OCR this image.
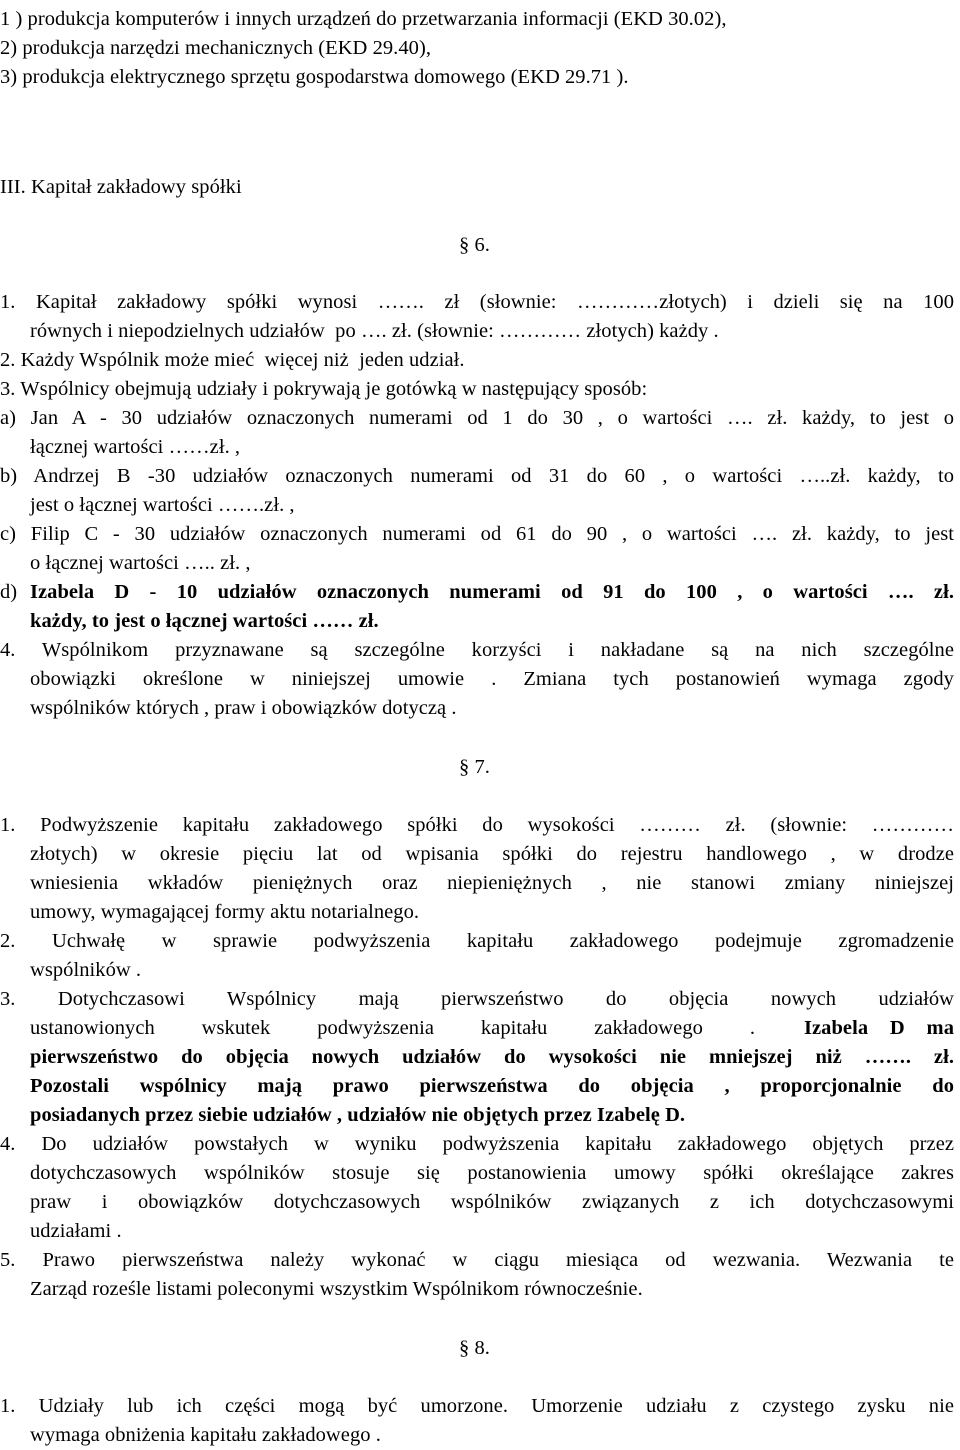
1 ) produkcja komputerów i innych urządzeń do przetwarzania informacji (EKD 30.02),
2) produkcja narzędzi mechanicznych (EKD 29.40),
3) produkcja elektrycznego sprzętu gospodarstwa domowego (EKD 29.71 ).
III. Kapitał zakładowy spółki
§ 6.
1. Kapitał zakładowy spółki wynosi ……. zł (słownie: …………złotych) i dzieli się na 100
równych i niepodzielnych udziałów  po …. zł. (słownie: ………… złotych) każdy .
2. Każdy Wspólnik może mieć  więcej niż  jeden udział.
3. Wspólnicy obejmują udziały i pokrywają je gotówką w następujący sposób:
a) Jan A - 30 udziałów oznaczonych numerami od 1 do 30 , o wartości …. zł. każdy, to jest o
łącznej wartości ……zł. ,
b) Andrzej B -30 udziałów oznaczonych numerami od 31 do 60 , o wartości …..zł. każdy, to
jest o łącznej wartości …….zł. ,
c) Filip C - 30 udziałów oznaczonych numerami od 61 do 90 , o wartości …. zł. każdy, to jest
o łącznej wartości ….. zł. ,
d) Izabela D - 10 udziałów oznaczonych numerami od 91 do 100 , o wartości …. zł.
każdy, to jest o łącznej wartości …… zł.
4. Wspólnikom przyznawane są szczególne korzyści i nakładane są na nich szczególne
obowiązki określone w niniejszej umowie . Zmiana tych postanowień wymaga zgody
wspólników których , praw i obowiązków dotyczą .
§ 7.
1. Podwyższenie kapitału zakładowego spółki do wysokości ……… zł. (słownie: …………
złotych) w okresie pięciu lat od wpisania spółki do rejestru handlowego , w drodze
wniesienia wkładów pieniężnych oraz niepieniężnych , nie stanowi zmiany niniejszej
umowy, wymagającej formy aktu notarialnego.
2. Uchwałę w sprawie podwyższenia kapitału zakładowego podejmuje zgromadzenie
wspólników .
3. Dotychczasowi Wspólnicy mają pierwszeństwo do objęcia nowych udziałów
ustanowionych wskutek podwyższenia kapitału zakładowego . Izabela D ma
pierwszeństwo do objęcia nowych udziałów do wysokości nie mniejszej niż ……. zł.
Pozostali wspólnicy mają prawo pierwszeństwa do objęcia , proporcjonalnie do
posiadanych przez siebie udziałów , udziałów nie objętych przez Izabelę D.
4. Do udziałów powstałych w wyniku podwyższenia kapitału zakładowego objętych przez
dotychczasowych wspólników stosuje się postanowienia umowy spółki określające zakres
praw i obowiązków dotychczasowych wspólników związanych z ich dotychczasowymi
udziałami .
5. Prawo pierwszeństwa należy wykonać w ciągu miesiąca od wezwania. Wezwania te
Zarząd roześle listami poleconymi wszystkim Wspólnikom równocześnie.
§ 8.
1. Udziały lub ich części mogą być umorzone. Umorzenie udziału z czystego zysku nie
wymaga obniżenia kapitału zakładowego .
